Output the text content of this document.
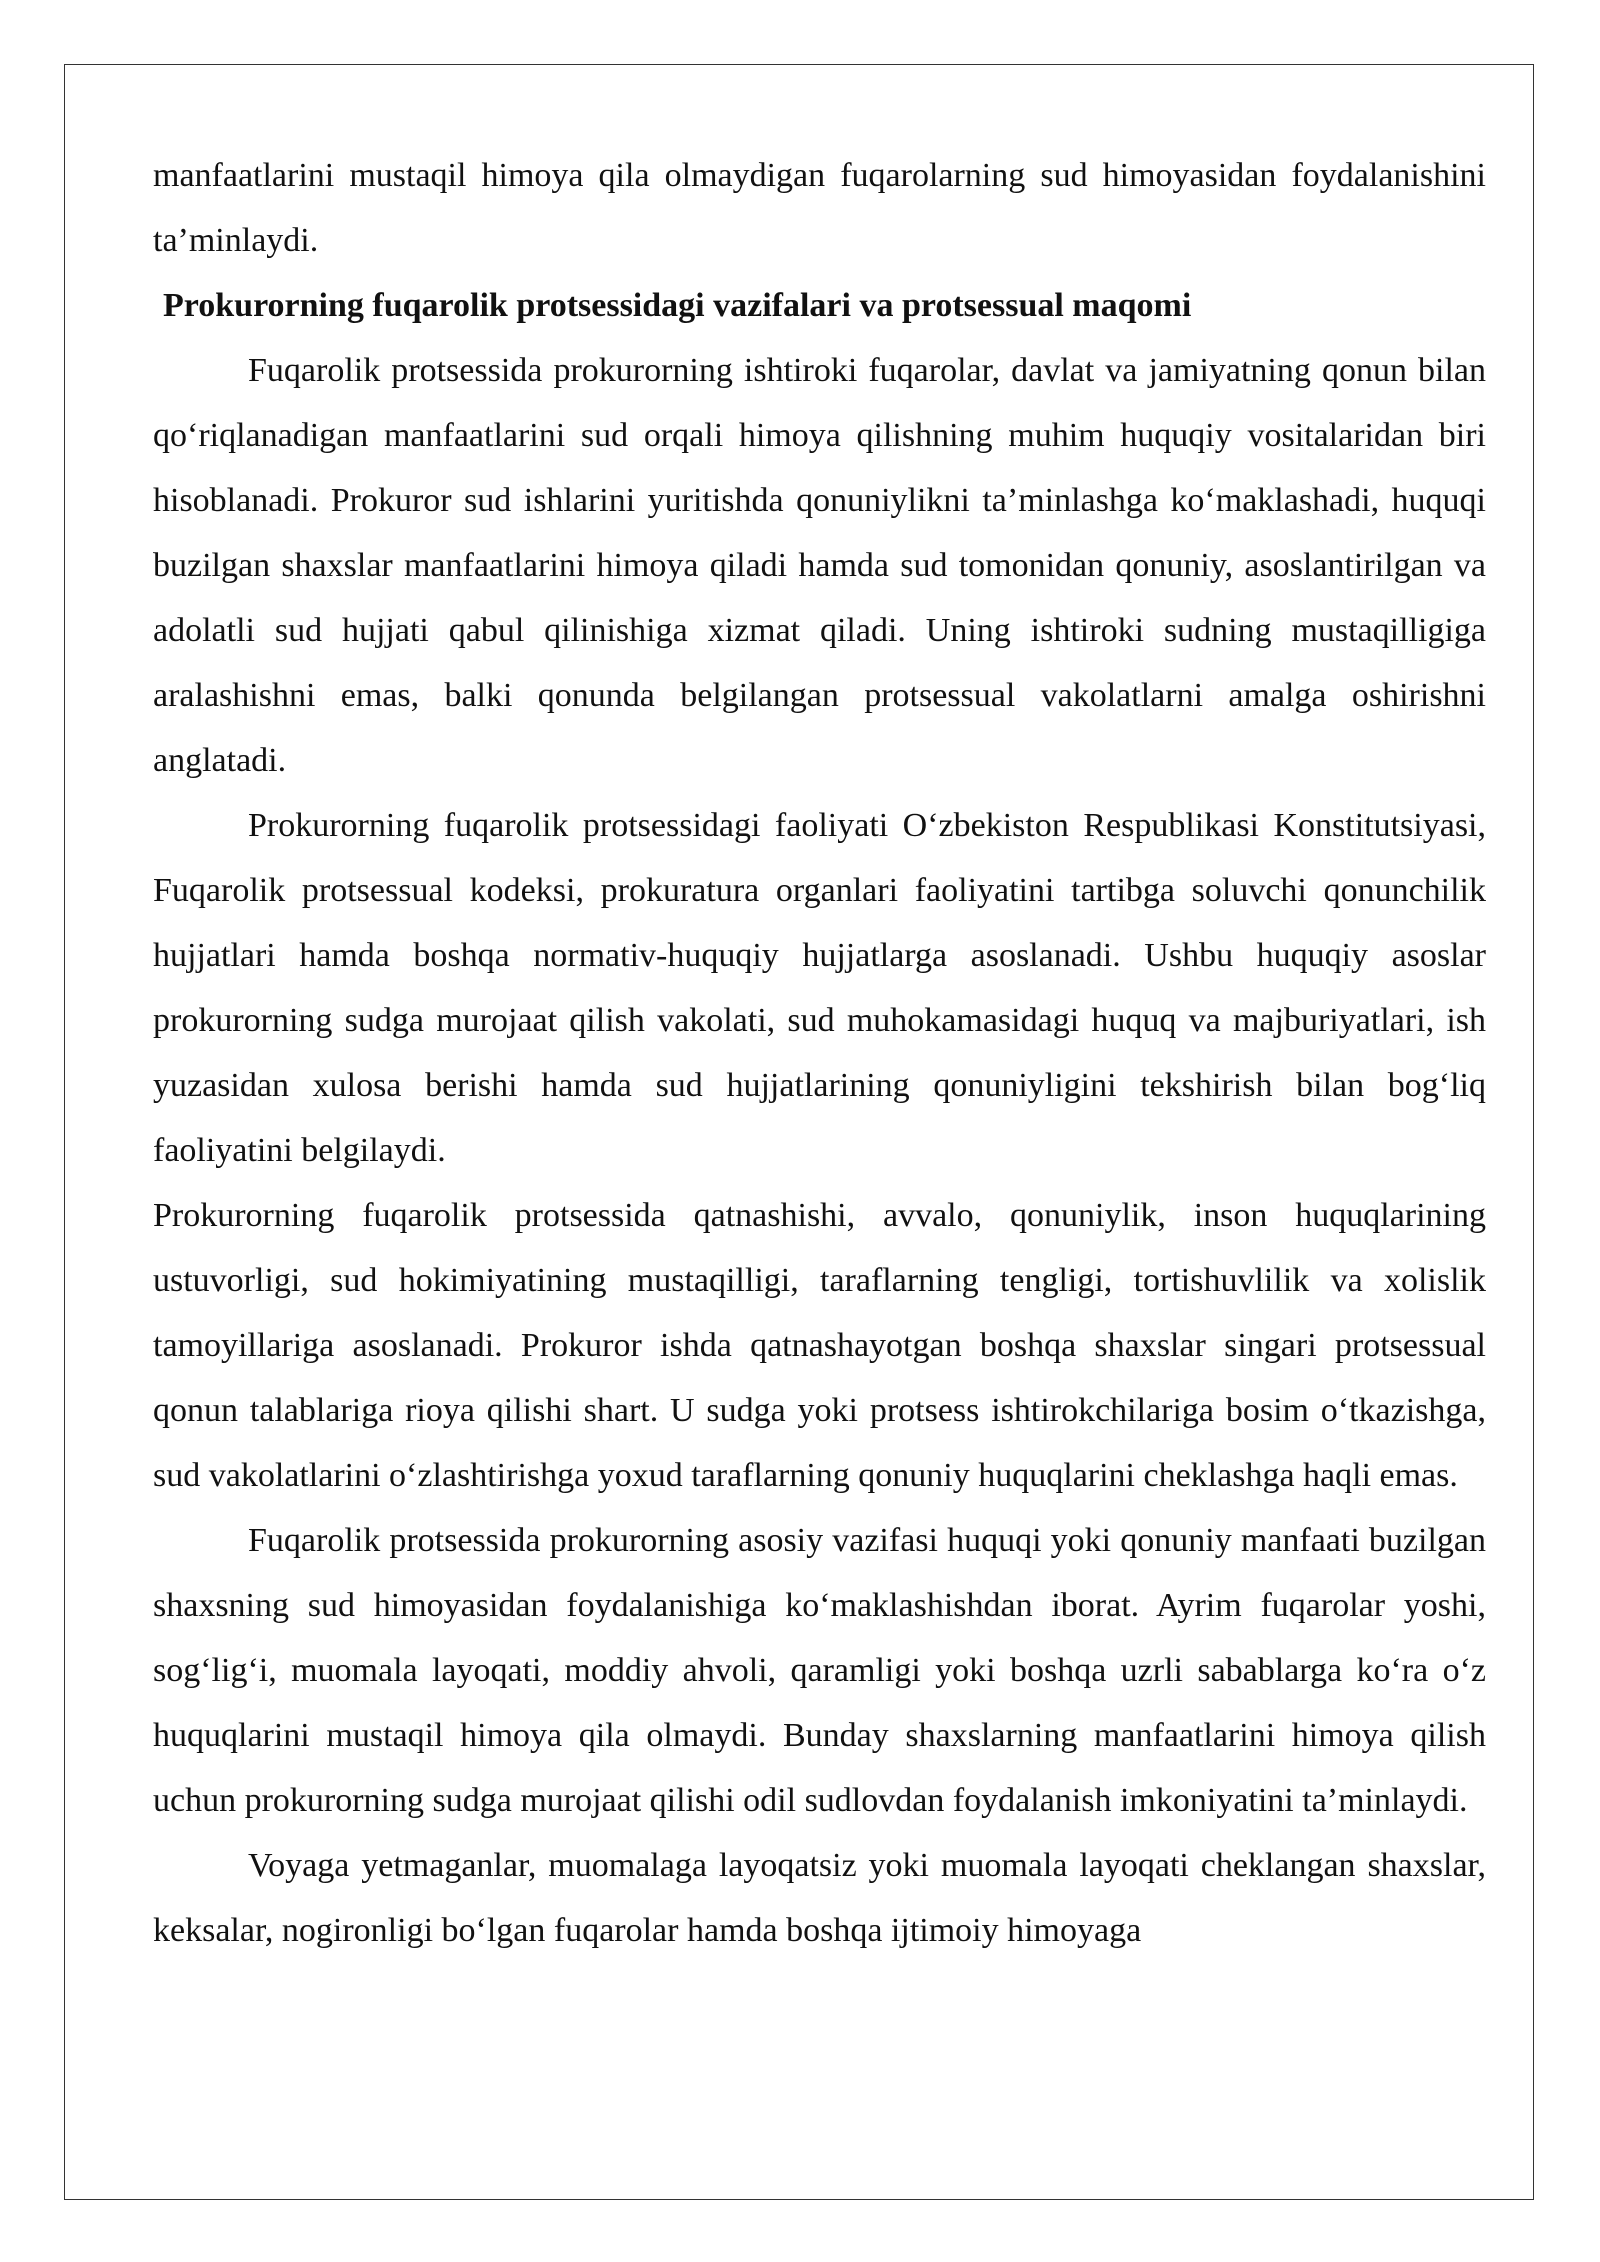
manfaatlarini mustaqil himoya qila olmaydigan fuqarolarning sud himoyasidan foydalanishini ta’minlaydi.

Prokurorning fuqarolik protsessidagi vazifalari va protsessual maqomi

Fuqarolik protsessida prokurorning ishtiroki fuqarolar, davlat va jamiyatning qonun bilan qo‘riqlanadigan manfaatlarini sud orqali himoya qilishning muhim huquqiy vositalaridan biri hisoblanadi. Prokuror sud ishlarini yuritishda qonuniylikni ta’minlashga ko‘maklashadi, huquqi buzilgan shaxslar manfaatlarini himoya qiladi hamda sud tomonidan qonuniy, asoslantirilgan va adolatli sud hujjati qabul qilinishiga xizmat qiladi. Uning ishtiroki sudning mustaqilligiga aralashishni emas, balki qonunda belgilangan protsessual vakolatlarni amalga oshirishni anglatadi.

Prokurorning fuqarolik protsessidagi faoliyati O‘zbekiston Respublikasi Konstitutsiyasi, Fuqarolik protsessual kodeksi, prokuratura organlari faoliyatini tartibga soluvchi qonunchilik hujjatlari hamda boshqa normativ-huquqiy hujjatlarga asoslanadi. Ushbu huquqiy asoslar prokurorning sudga murojaat qilish vakolati, sud muhokamasidagi huquq va majburiyatlari, ish yuzasidan xulosa berishi hamda sud hujjatlarining qonuniyligini tekshirish bilan bog‘liq faoliyatini belgilaydi.

Prokurorning fuqarolik protsessida qatnashishi, avvalo, qonuniylik, inson huquqlarining ustuvorligi, sud hokimiyatining mustaqilligi, taraflarning tengligi, tortishuvlilik va xolislik tamoyillariga asoslanadi. Prokuror ishda qatnashayotgan boshqa shaxslar singari protsessual qonun talablariga rioya qilishi shart. U sudga yoki protsess ishtirokchilariga bosim o‘tkazishga, sud vakolatlarini o‘zlashtirishga yoxud taraflarning qonuniy huquqlarini cheklashga haqli emas.

Fuqarolik protsessida prokurorning asosiy vazifasi huquqi yoki qonuniy manfaati buzilgan shaxsning sud himoyasidan foydalanishiga ko‘maklashishdan iborat. Ayrim fuqarolar yoshi, sog‘lig‘i, muomala layoqati, moddiy ahvoli, qaramligi yoki boshqa uzrli sabablarga ko‘ra o‘z huquqlarini mustaqil himoya qila olmaydi. Bunday shaxslarning manfaatlarini himoya qilish uchun prokurorning sudga murojaat qilishi odil sudlovdan foydalanish imkoniyatini ta’minlaydi.

Voyaga yetmaganlar, muomalaga layoqatsiz yoki muomala layoqati cheklangan shaxslar, keksalar, nogironligi bo‘lgan fuqarolar hamda boshqa ijtimoiy himoyaga
